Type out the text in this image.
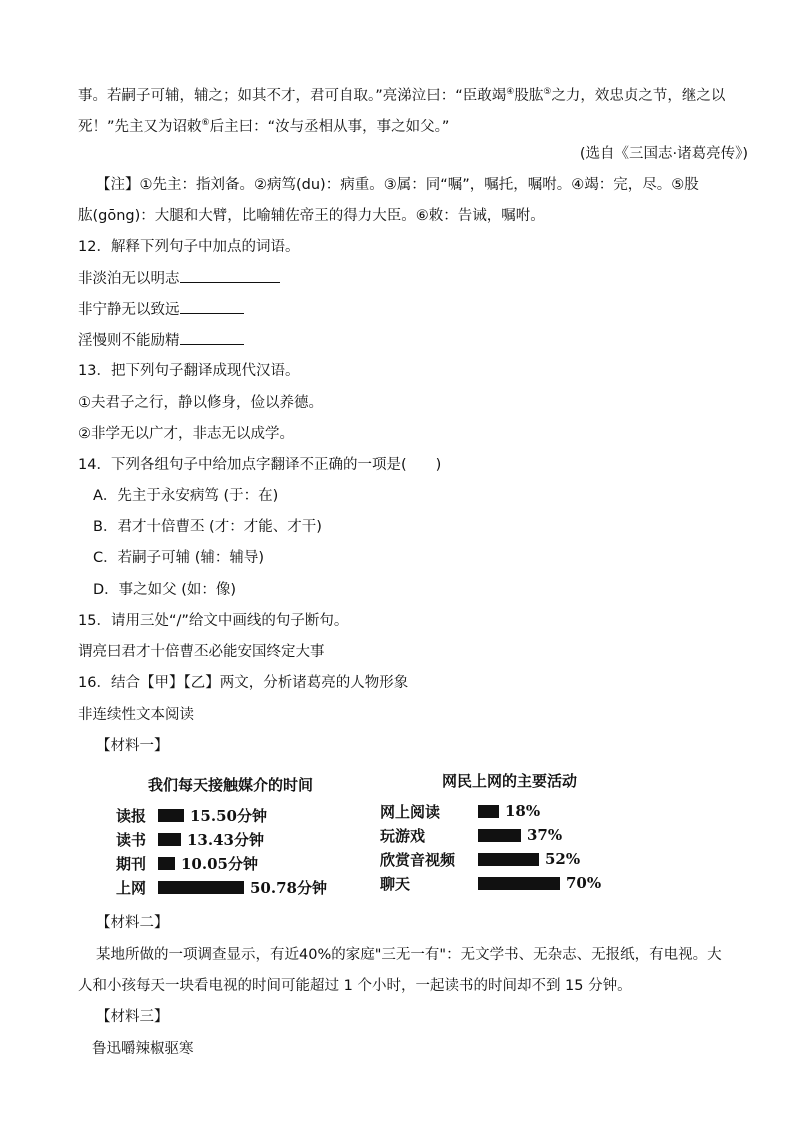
事。若嗣子可辅，辅之；如其不才，君可自取。”亮涕泣曰：“臣敢竭④股肱⑤之力，效忠贞之节，继之以
死！”先主又为诏敕⑥后主曰：“汝与丞相从事，事之如父。”
(选自《三国志·诸葛亮传》)
【注】①先主：指刘备。②病笃(du)：病重。③属：同“嘱”，嘱托，嘱咐。④竭：完，尽。⑤股
肱(gōng)：大腿和大臂，比喻辅佐帝王的得力大臣。⑥敕：告诫，嘱咐。
12．解释下列句子中加点的词语。
非淡泊无以明志
非宁静无以致远
淫慢则不能励精
13．把下列句子翻译成现代汉语。
①夫君子之行，静以修身，俭以养德。
②非学无以广才，非志无以成学。
14．下列各组句子中给加点字翻译不正确的一项是(　　)
A．先主于永安病笃 (于：在)
B．君才十倍曹丕 (才：才能、才干)
C．若嗣子可辅 (辅：辅导)
D．事之如父 (如：像)
15．请用三处“/”给文中画线的句子断句。
谓亮曰君才十倍曹丕必能安国终定大事
16．结合【甲】【乙】两文，分析诸葛亮的人物形象
非连续性文本阅读
【材料一】
我们每天接触媒介的时间
读报	15.50分钟
读书	13.43分钟
期刊	10.05分钟
上网	50.78分钟
网民上网的主要活动
网上阅读	18%
玩游戏	37%
欣赏音视频	52%
聊天	70%
【材料二】
某地所做的一项调查显示，有近40%的家庭"三无一有"：无文学书、无杂志、无报纸，有电视。大
人和小孩每天一块看电视的时间可能超过 1 个小时，一起读书的时间却不到 15 分钟。
【材料三】
鲁迅嚼辣椒驱寒
